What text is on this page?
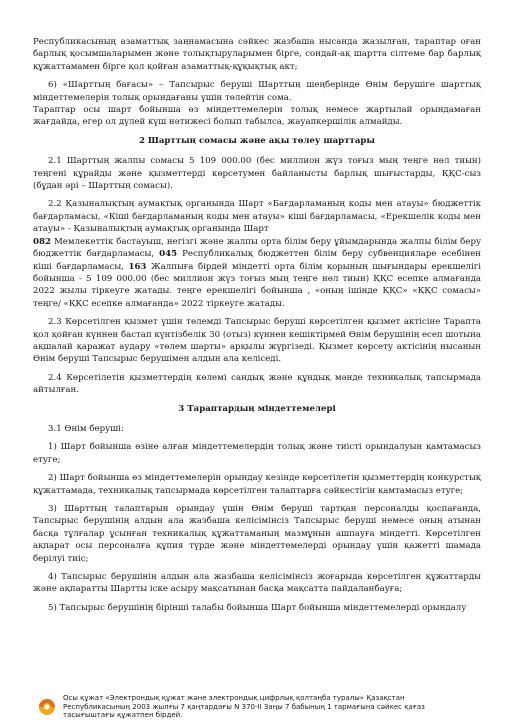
Республикасының азаматтық заңнамасына сәйкес жазбаша нысанда жазылған, тараптар оған барлық қосымшаларымен және толықтыруларымен бірге, сондай-ақ шартта сілтеме бар барлық құжаттамамен бірге қол қойған азаматтық-құқықтық акт;

6) «Шарттың бағасы» – Тапсырыс беруші Шарттың шеңберінде Өнім берушіге шарттық міндеттемелерін толық орындағаны үшін төлейтін сома.

Тараптар осы шарт бойынша өз міндеттемелерін толық немесе жартылай орындамаған жағдайда, егер ол дүлей күш нәтижесі болып табылса, жауапкершілік алмайды.

2 Шарттың сомасы және ақы төлеу шарттары

2.1 Шарттың жалпы сомасы 5 109 000.00 (бес миллион жүз тоғыз мың теңге нөл тиын) теңгені құрайды және қызметтерді көрсетумен байланысты барлық шығыстарды, ҚҚС-сыз (бұдан әрі – Шарттың сомасы).

2.2 Қазыналықтың аумақтық органында Шарт «Бағдарламаның коды мен атауы» бюджеттік бағдарламасы, «Кіші бағдарламаның коды мен атауы» кіші бағдарламасы, «Ерекшелік коды мен атауы» - Қазыналықтың аумақтық органында Шарт
082 Мемлекеттік бастауыш, негізгі және жалпы орта білім беру ұйымдарында жалпы білім беру бюджеттік бағдарламасы, 045 Республикалық бюджеттен білім беру субвенцияларе есебінен кіші бағдарламасы, 163 Жалпыға бірдей міндетті орта білім қорының шығындары ерекшелігі бойынша - 5 109 000.00 (бес миллион жүз тоғыз мың теңге нөл тиын) ҚҚС есепке алмағанда 2022 жылы тіркеуге жатады. теңге ерекшелігі бойынша , «оның ішінде ҚҚС» «ҚҚС сомасы» теңге/ «ҚҚС есепке алмағанда» 2022 тіркеуге жатады.

2.3 Көрсетілген қызмет үшін төлемді Тапсырыс беруші көрсетілген қызмет актісіне Тарапта қол қойған күннен бастап күнтізбелік 30 (отыз) күннен кешіктірмей Өнім берушінің есеп шотына ақшалай қаражат аудару «төлем шарты» арқылы жүргізеді. Қызмет көрсету актісінің нысанын Өнім беруші Тапсырыс берушімен алдын ала келіседі.

2.4 Көрсетілетін қызметтердің көлемі сандық және құндық мәнде техникалық тапсырмада айтылған.

3 Тараптардың міндеттемелері

3.1 Өнім беруші:

1) Шарт бойынша өзіне алған міндеттемелердің толық және тиісті орындалуын қамтамасыз етуге;

2) Шарт бойынша өз міндеттемелерін орындау кезінде көрсетілетін қызметтердің конкурстық құжаттамада, техникалық тапсырмада көрсетілген талаптарға сәйкестігін қамтамасыз етуге;

3) Шарттың талаптарын орындау үшін Өнім беруші тартқан персоналды қоспағанда, Тапсырыс берушінің алдын ала жазбаша келісімінсіз Тапсырыс беруші немесе оның атынан басқа тұлғалар ұсынған техникалық құжаттаманың мазмұнын ашпауға міндетті. Көрсетілген ақпарат осы персоналға құпия түрде және міндеттемелерді орындау үшін қажетті шамада берілуі тиіс;

4) Тапсырыс берушінің алдын ала жазбаша келісімінсіз жоғарыда көрсетілген құжаттарды және ақпаратты Шартты іске асыру мақсатынан басқа мақсатта пайдаланбауға;

5) Тапсырыс берушінің бірінші талабы бойынша Шарт бойынша міндеттемелерді орындалу

Осы құжат «Электрондық құжат және электрондық цифрлық қолтаңба туралы» Қазақстан
Республикасының 2003 жылғы 7 қаңтардағы N 370-II Заңы 7 бабының 1 тармағына сәйкес қағаз
тасығыштағы құжатпен бірдей.
